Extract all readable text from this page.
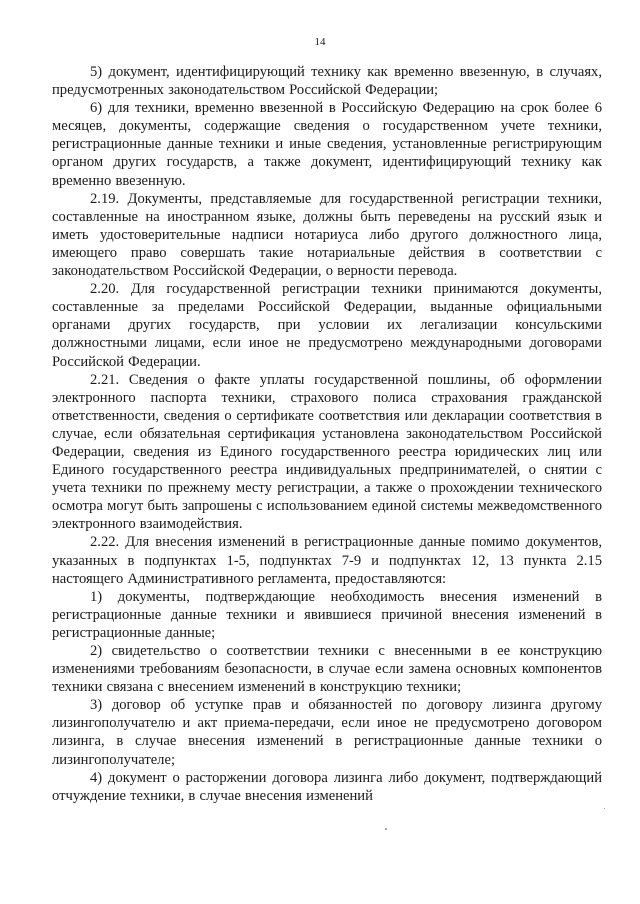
14

5) документ, идентифицирующий технику как временно ввезенную, в случаях, предусмотренных законодательством Российской Федерации;

6) для техники, временно ввезенной в Российскую Федерацию на срок более 6 месяцев, документы, содержащие сведения о государственном учете техники, регистрационные данные техники и иные сведения, установленные регистрирующим органом других государств, а также документ, идентифицирующий технику как временно ввезенную.

2.19. Документы, представляемые для государственной регистрации техники, составленные на иностранном языке, должны быть переведены на русский язык и иметь удостоверительные надписи нотариуса либо другого должностного лица, имеющего право совершать такие нотариальные действия в соответствии с законодательством Российской Федерации, о верности перевода.

2.20. Для государственной регистрации техники принимаются документы, составленные за пределами Российской Федерации, выданные официальными органами других государств, при условии их легализации консульскими должностными лицами, если иное не предусмотрено международными договорами Российской Федерации.

2.21. Сведения о факте уплаты государственной пошлины, об оформлении электронного паспорта техники, страхового полиса страхования гражданской ответственности, сведения о сертификате соответствия или декларации соответствия в случае, если обязательная сертификация установлена законодательством Российской Федерации, сведения из Единого государственного реестра юридических лиц или Единого государственного реестра индивидуальных предпринимателей, о снятии с учета техники по прежнему месту регистрации, а также о прохождении технического осмотра могут быть запрошены с использованием единой системы межведомственного электронного взаимодействия.

2.22. Для внесения изменений в регистрационные данные помимо документов, указанных в подпунктах 1-5, подпунктах 7-9 и подпунктах 12, 13 пункта 2.15 настоящего Административного регламента, предоставляются:

1) документы, подтверждающие необходимость внесения изменений в регистрационные данные техники и явившиеся причиной внесения изменений в регистрационные данные;

2) свидетельство о соответствии техники с внесенными в ее конструкцию изменениями требованиям безопасности, в случае если замена основных компонентов техники связана с внесением изменений в конструкцию техники;

3) договор об уступке прав и обязанностей по договору лизинга другому лизингополучателю и акт приема-передачи, если иное не предусмотрено договором лизинга, в случае внесения изменений в регистрационные данные техники о лизингополучателе;

4) документ о расторжении договора лизинга либо документ, подтверждающий отчуждение техники, в случае внесения изменений
